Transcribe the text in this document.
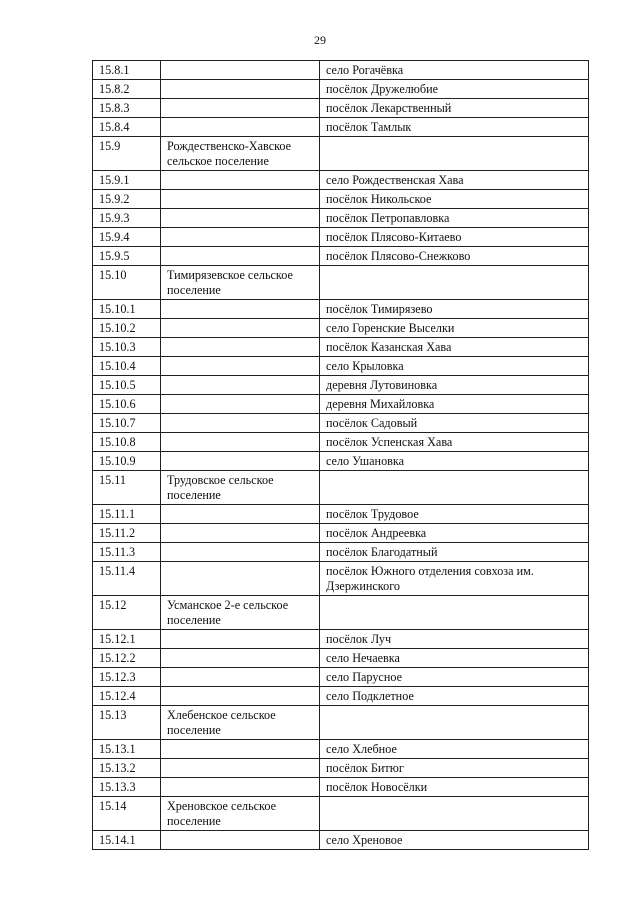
29
15.8.1		село Рогачёвка
15.8.2		посёлок Дружелюбие
15.8.3		посёлок Лекарственный
15.8.4		посёлок Тамлык
15.9	Рождественско-Хавское сельское поселение	
15.9.1		село Рождественская Хава
15.9.2		посёлок Никольское
15.9.3		посёлок Петропавловка
15.9.4		посёлок Плясово-Китаево
15.9.5		посёлок Плясово-Снежково
15.10	Тимирязевское сельское поселение	
15.10.1		посёлок Тимирязево
15.10.2		село Горенские Выселки
15.10.3		посёлок Казанская Хава
15.10.4		село Крыловка
15.10.5		деревня Лутовиновка
15.10.6		деревня Михайловка
15.10.7		посёлок Садовый
15.10.8		посёлок Успенская Хава
15.10.9		село Ушановка
15.11	Трудовское сельское поселение	
15.11.1		посёлок Трудовое
15.11.2		посёлок Андреевка
15.11.3		посёлок Благодатный
15.11.4		посёлок Южного отделения совхоза им. Дзержинского
15.12	Усманское 2-е сельское поселение	
15.12.1		посёлок Луч
15.12.2		село Нечаевка
15.12.3		село Парусное
15.12.4		село Подклетное
15.13	Хлебенское сельское поселение	
15.13.1		село Хлебное
15.13.2		посёлок Битюг
15.13.3		посёлок Новосёлки
15.14	Хреновское сельское поселение	
15.14.1		село Хреновое
